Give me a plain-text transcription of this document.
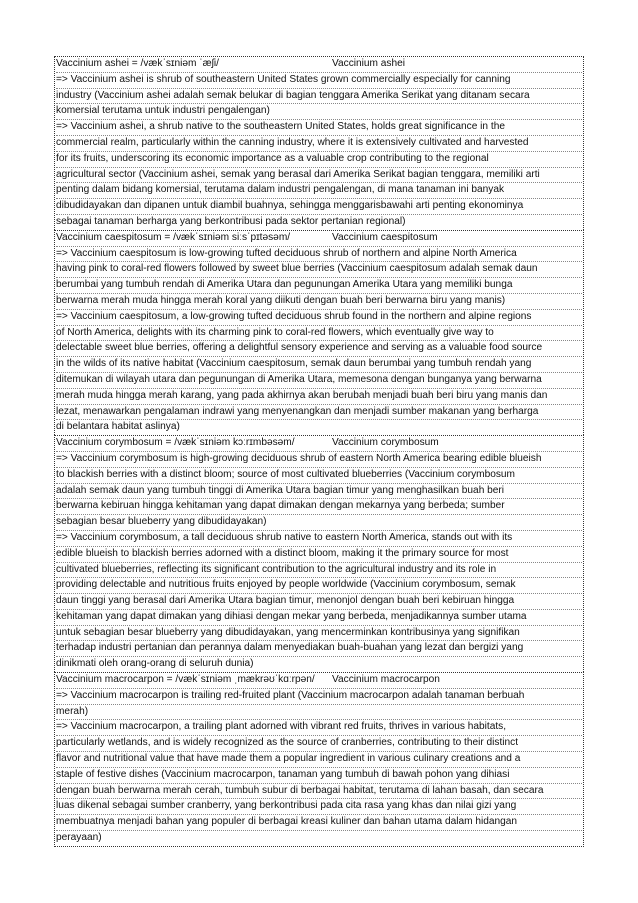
Vaccinium ashei = /vækˈsɪniəm ˈæʃi/	Vaccinium ashei
=> Vaccinium ashei is shrub of southeastern United States grown commercially especially for canning
industry (Vaccinium ashei adalah semak belukar di bagian tenggara Amerika Serikat yang ditanam secara
komersial terutama untuk industri pengalengan)
=> Vaccinium ashei, a shrub native to the southeastern United States, holds great significance in the
commercial realm, particularly within the canning industry, where it is extensively cultivated and harvested
for its fruits, underscoring its economic importance as a valuable crop contributing to the regional
agricultural sector (Vaccinium ashei, semak yang berasal dari Amerika Serikat bagian tenggara, memiliki arti
penting dalam bidang komersial, terutama dalam industri pengalengan, di mana tanaman ini banyak
dibudidayakan dan dipanen untuk diambil buahnya, sehingga menggarisbawahi arti penting ekonominya
sebagai tanaman berharga yang berkontribusi pada sektor pertanian regional)
Vaccinium caespitosum = /vækˈsɪniəm siːsˈpɪtəsəm/	Vaccinium caespitosum
=> Vaccinium caespitosum is low-growing tufted deciduous shrub of northern and alpine North America
having pink to coral-red flowers followed by sweet blue berries (Vaccinium caespitosum adalah semak daun
berumbai yang tumbuh rendah di Amerika Utara dan pegunungan Amerika Utara yang memiliki bunga
berwarna merah muda hingga merah koral yang diikuti dengan buah beri berwarna biru yang manis)
=> Vaccinium caespitosum, a low-growing tufted deciduous shrub found in the northern and alpine regions
of North America, delights with its charming pink to coral-red flowers, which eventually give way to
delectable sweet blue berries, offering a delightful sensory experience and serving as a valuable food source
in the wilds of its native habitat (Vaccinium caespitosum, semak daun berumbai yang tumbuh rendah yang
ditemukan di wilayah utara dan pegunungan di Amerika Utara, memesona dengan bunganya yang berwarna
merah muda hingga merah karang, yang pada akhirnya akan berubah menjadi buah beri biru yang manis dan
lezat, menawarkan pengalaman indrawi yang menyenangkan dan menjadi sumber makanan yang berharga
di belantara habitat aslinya)
Vaccinium corymbosum = /vækˈsɪniəm kɔːrɪmbəsəm/	Vaccinium corymbosum
=> Vaccinium corymbosum is high-growing deciduous shrub of eastern North America bearing edible blueish
to blackish berries with a distinct bloom; source of most cultivated blueberries (Vaccinium corymbosum
adalah semak daun yang tumbuh tinggi di Amerika Utara bagian timur yang menghasilkan buah beri
berwarna kebiruan hingga kehitaman yang dapat dimakan dengan mekarnya yang berbeda; sumber
sebagian besar blueberry yang dibudidayakan)
=> Vaccinium corymbosum, a tall deciduous shrub native to eastern North America, stands out with its
edible blueish to blackish berries adorned with a distinct bloom, making it the primary source for most
cultivated blueberries, reflecting its significant contribution to the agricultural industry and its role in
providing delectable and nutritious fruits enjoyed by people worldwide (Vaccinium corymbosum, semak
daun tinggi yang berasal dari Amerika Utara bagian timur, menonjol dengan buah beri kebiruan hingga
kehitaman yang dapat dimakan yang dihiasi dengan mekar yang berbeda, menjadikannya sumber utama
untuk sebagian besar blueberry yang dibudidayakan, yang mencerminkan kontribusinya yang signifikan
terhadap industri pertanian dan perannya dalam menyediakan buah-buahan yang lezat dan bergizi yang
dinikmati oleh orang-orang di seluruh dunia)
Vaccinium macrocarpon = /vækˈsɪniəm ˌmækrəʊˈkɑːrpən/	Vaccinium macrocarpon
=> Vaccinium macrocarpon is trailing red-fruited plant (Vaccinium macrocarpon adalah tanaman berbuah
merah)
=> Vaccinium macrocarpon, a trailing plant adorned with vibrant red fruits, thrives in various habitats,
particularly wetlands, and is widely recognized as the source of cranberries, contributing to their distinct
flavor and nutritional value that have made them a popular ingredient in various culinary creations and a
staple of festive dishes (Vaccinium macrocarpon, tanaman yang tumbuh di bawah pohon yang dihiasi
dengan buah berwarna merah cerah, tumbuh subur di berbagai habitat, terutama di lahan basah, dan secara
luas dikenal sebagai sumber cranberry, yang berkontribusi pada cita rasa yang khas dan nilai gizi yang
membuatnya menjadi bahan yang populer di berbagai kreasi kuliner dan bahan utama dalam hidangan
perayaan)
